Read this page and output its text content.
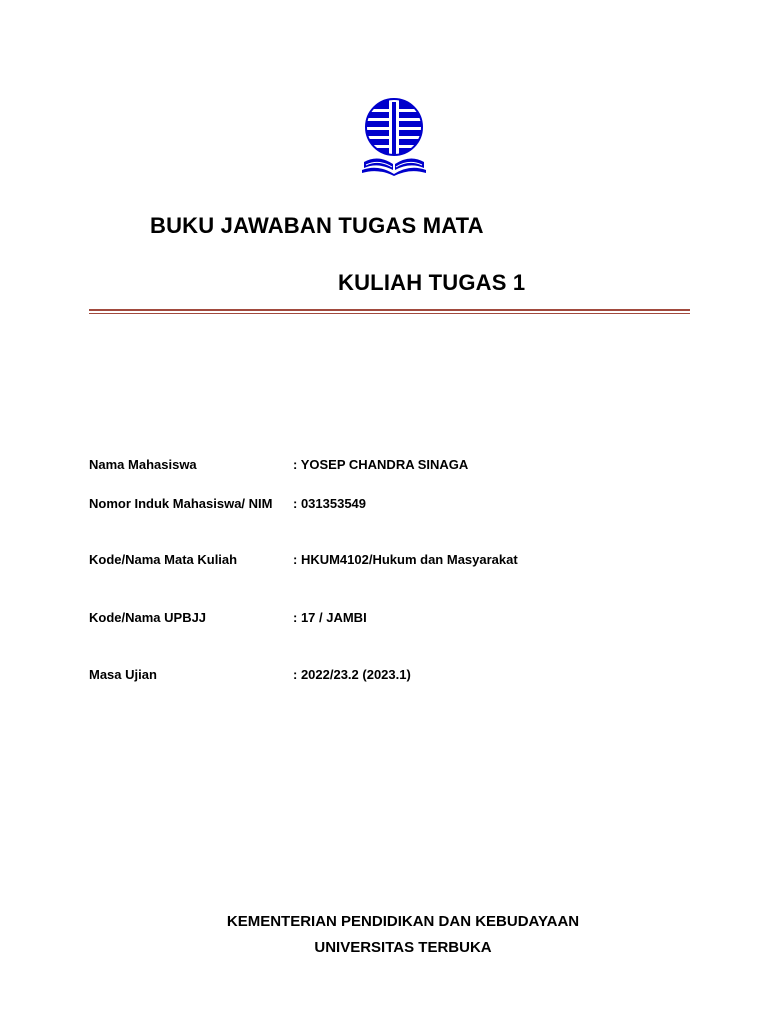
BUKU JAWABAN TUGAS MATA
KULIAH TUGAS 1
Nama Mahasiswa	: YOSEP CHANDRA SINAGA
Nomor Induk Mahasiswa/ NIM : 031353549
Kode/Nama Mata Kuliah	: HKUM4102/Hukum dan Masyarakat
Kode/Nama UPBJJ	: 17 / JAMBI
Masa Ujian	: 2022/23.2 (2023.1)
KEMENTERIAN PENDIDIKAN DAN KEBUDAYAAN
UNIVERSITAS TERBUKA
